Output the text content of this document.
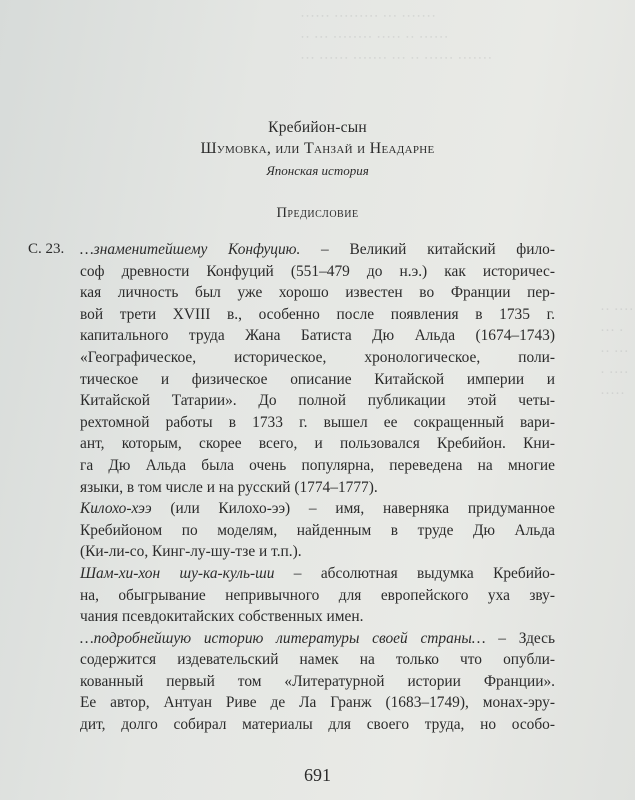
··· ······ ······· ··· ·· ······ ·······
·· ··· ········ ····· ·· ······
······ ········· ··· ·······
·· ····
··· ·
·· ···
· ····
·····
Кребийон-сын
Шумовка, или Танзай и Неадарне
Японская история
Предисловие
С. 23. …знаменитейшему Конфуцию. – Великий китайский фило-
соф древности Конфуций (551–479 до н.э.) как историчес-
кая личность был уже хорошо известен во Франции пер-
вой трети XVIII в., особенно после появления в 1735 г.
капитального труда Жана Батиста Дю Альда (1674–1743)
«Географическое, историческое, хронологическое, поли-
тическое и физическое описание Китайской империи и
Китайской Татарии». До полной публикации этой четы-
рехтомной работы в 1733 г. вышел ее сокращенный вари-
ант, которым, скорее всего, и пользовался Кребийон. Кни-
га Дю Альда была очень популярна, переведена на многие
языки, в том числе и на русский (1774–1777).
Килохо-хээ (или Килохо-ээ) – имя, наверняка придуманное
Кребийоном по моделям, найденным в труде Дю Альда
(Ки-ли-со, Кинг-лу-шу-тзе и т.п.).
Шам-хи-хон шу-ка-куль-ши – абсолютная выдумка Кребийо-
на, обыгрывание непривычного для европейского уха зву-
чания псевдокитайских собственных имен.
…подробнейшую историю литературы своей страны… – Здесь
содержится издевательский намек на только что опубли-
кованный первый том «Литературной истории Франции».
Ее автор, Антуан Риве де Ла Гранж (1683–1749), монах-эру-
дит, долго собирал материалы для своего труда, но особо-
691
